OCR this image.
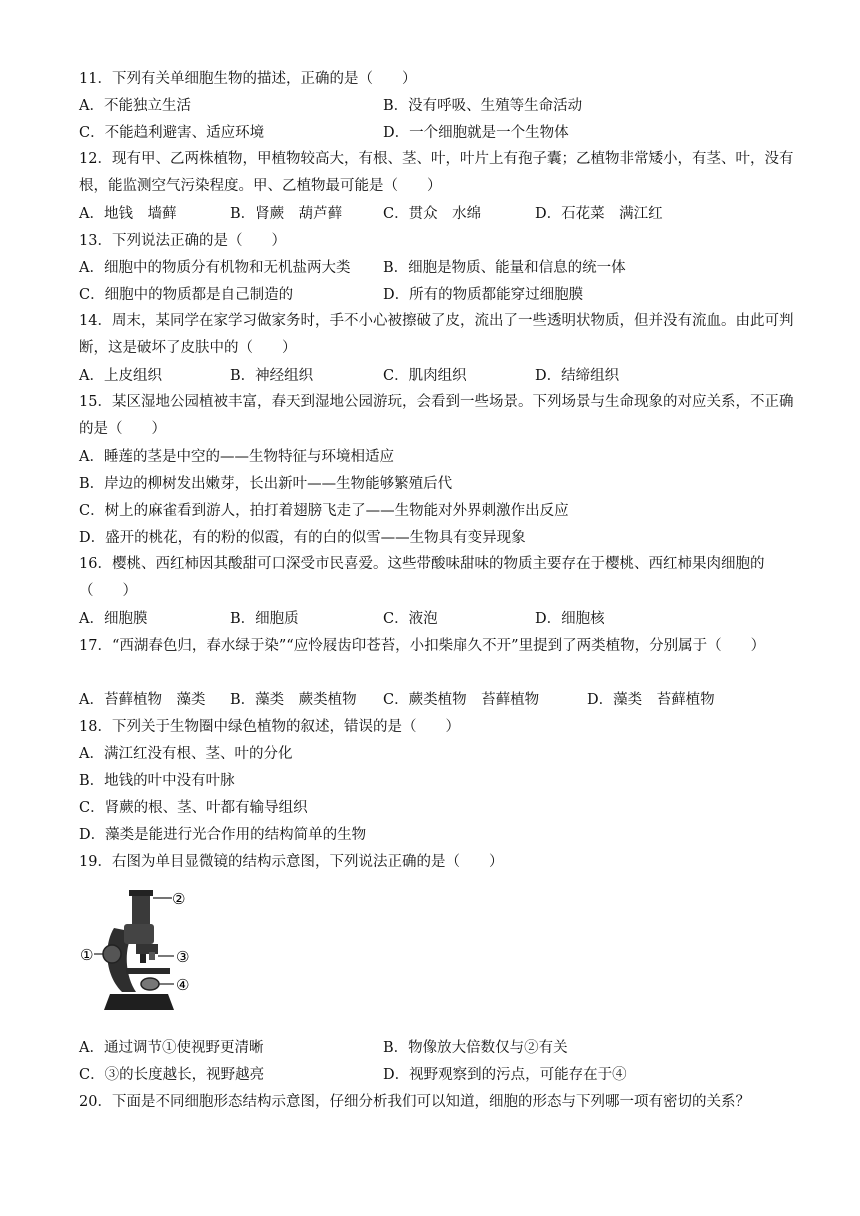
11．下列有关单细胞生物的描述，正确的是（　　）
A．不能独立生活	B．没有呼吸、生殖等生命活动
C．不能趋利避害、适应环境	D．一个细胞就是一个生物体
12．现有甲、乙两株植物，甲植物较高大，有根、茎、叶，叶片上有孢子囊；乙植物非常矮小，有茎、叶，没有根，能监测空气污染程度。甲、乙植物最可能是（　　）
A．地钱　墙藓	B．肾蕨　葫芦藓	C．贯众　水绵	D．石花菜　满江红
13．下列说法正确的是（　　）
A．细胞中的物质分有机物和无机盐两大类 B．细胞是物质、能量和信息的统一体
C．细胞中的物质都是自己制造的	D．所有的物质都能穿过细胞膜
14．周末，某同学在家学习做家务时，手不小心被擦破了皮，流出了一些透明状物质，但并没有流血。由此可判断，这是破坏了皮肤中的（　　）
A．上皮组织	B．神经组织	C．肌肉组织	D．结缔组织
15．某区湿地公园植被丰富，春天到湿地公园游玩，会看到一些场景。下列场景与生命现象的对应关系，不正确的是（　　）
A．睡莲的茎是中空的——生物特征与环境相适应
B．岸边的柳树发出嫩芽，长出新叶——生物能够繁殖后代
C．树上的麻雀看到游人，拍打着翅膀飞走了——生物能对外界刺激作出反应
D．盛开的桃花，有的粉的似霞，有的白的似雪——生物具有变异现象
16．樱桃、西红柿因其酸甜可口深受市民喜爱。这些带酸味甜味的物质主要存在于樱桃、西红柿果肉细胞的（　　）
A．细胞膜	B．细胞质	C．液泡	D．细胞核
17．“西湖春色归，春水绿于染”“应怜屐齿印苍苔，小扣柴扉久不开”里提到了两类植物，分别属于（　　）
A．苔藓植物　藻类 B．藻类　蕨类植物 C．蕨类植物　苔藓植物	D．藻类　苔藓植物
18．下列关于生物圈中绿色植物的叙述，错误的是（　　）
A．满江红没有根、茎、叶的分化
B．地钱的叶中没有叶脉
C．肾蕨的根、茎、叶都有输导组织
D．藻类是能进行光合作用的结构简单的生物
19．右图为单目显微镜的结构示意图，下列说法正确的是（　　）
①
②
③
④
A．通过调节①使视野更清晰	B．物像放大倍数仅与②有关
C．③的长度越长，视野越亮	D．视野观察到的污点，可能存在于④
20．下面是不同细胞形态结构示意图，仔细分析我们可以知道，细胞的形态与下列哪一项有密切的关系？
